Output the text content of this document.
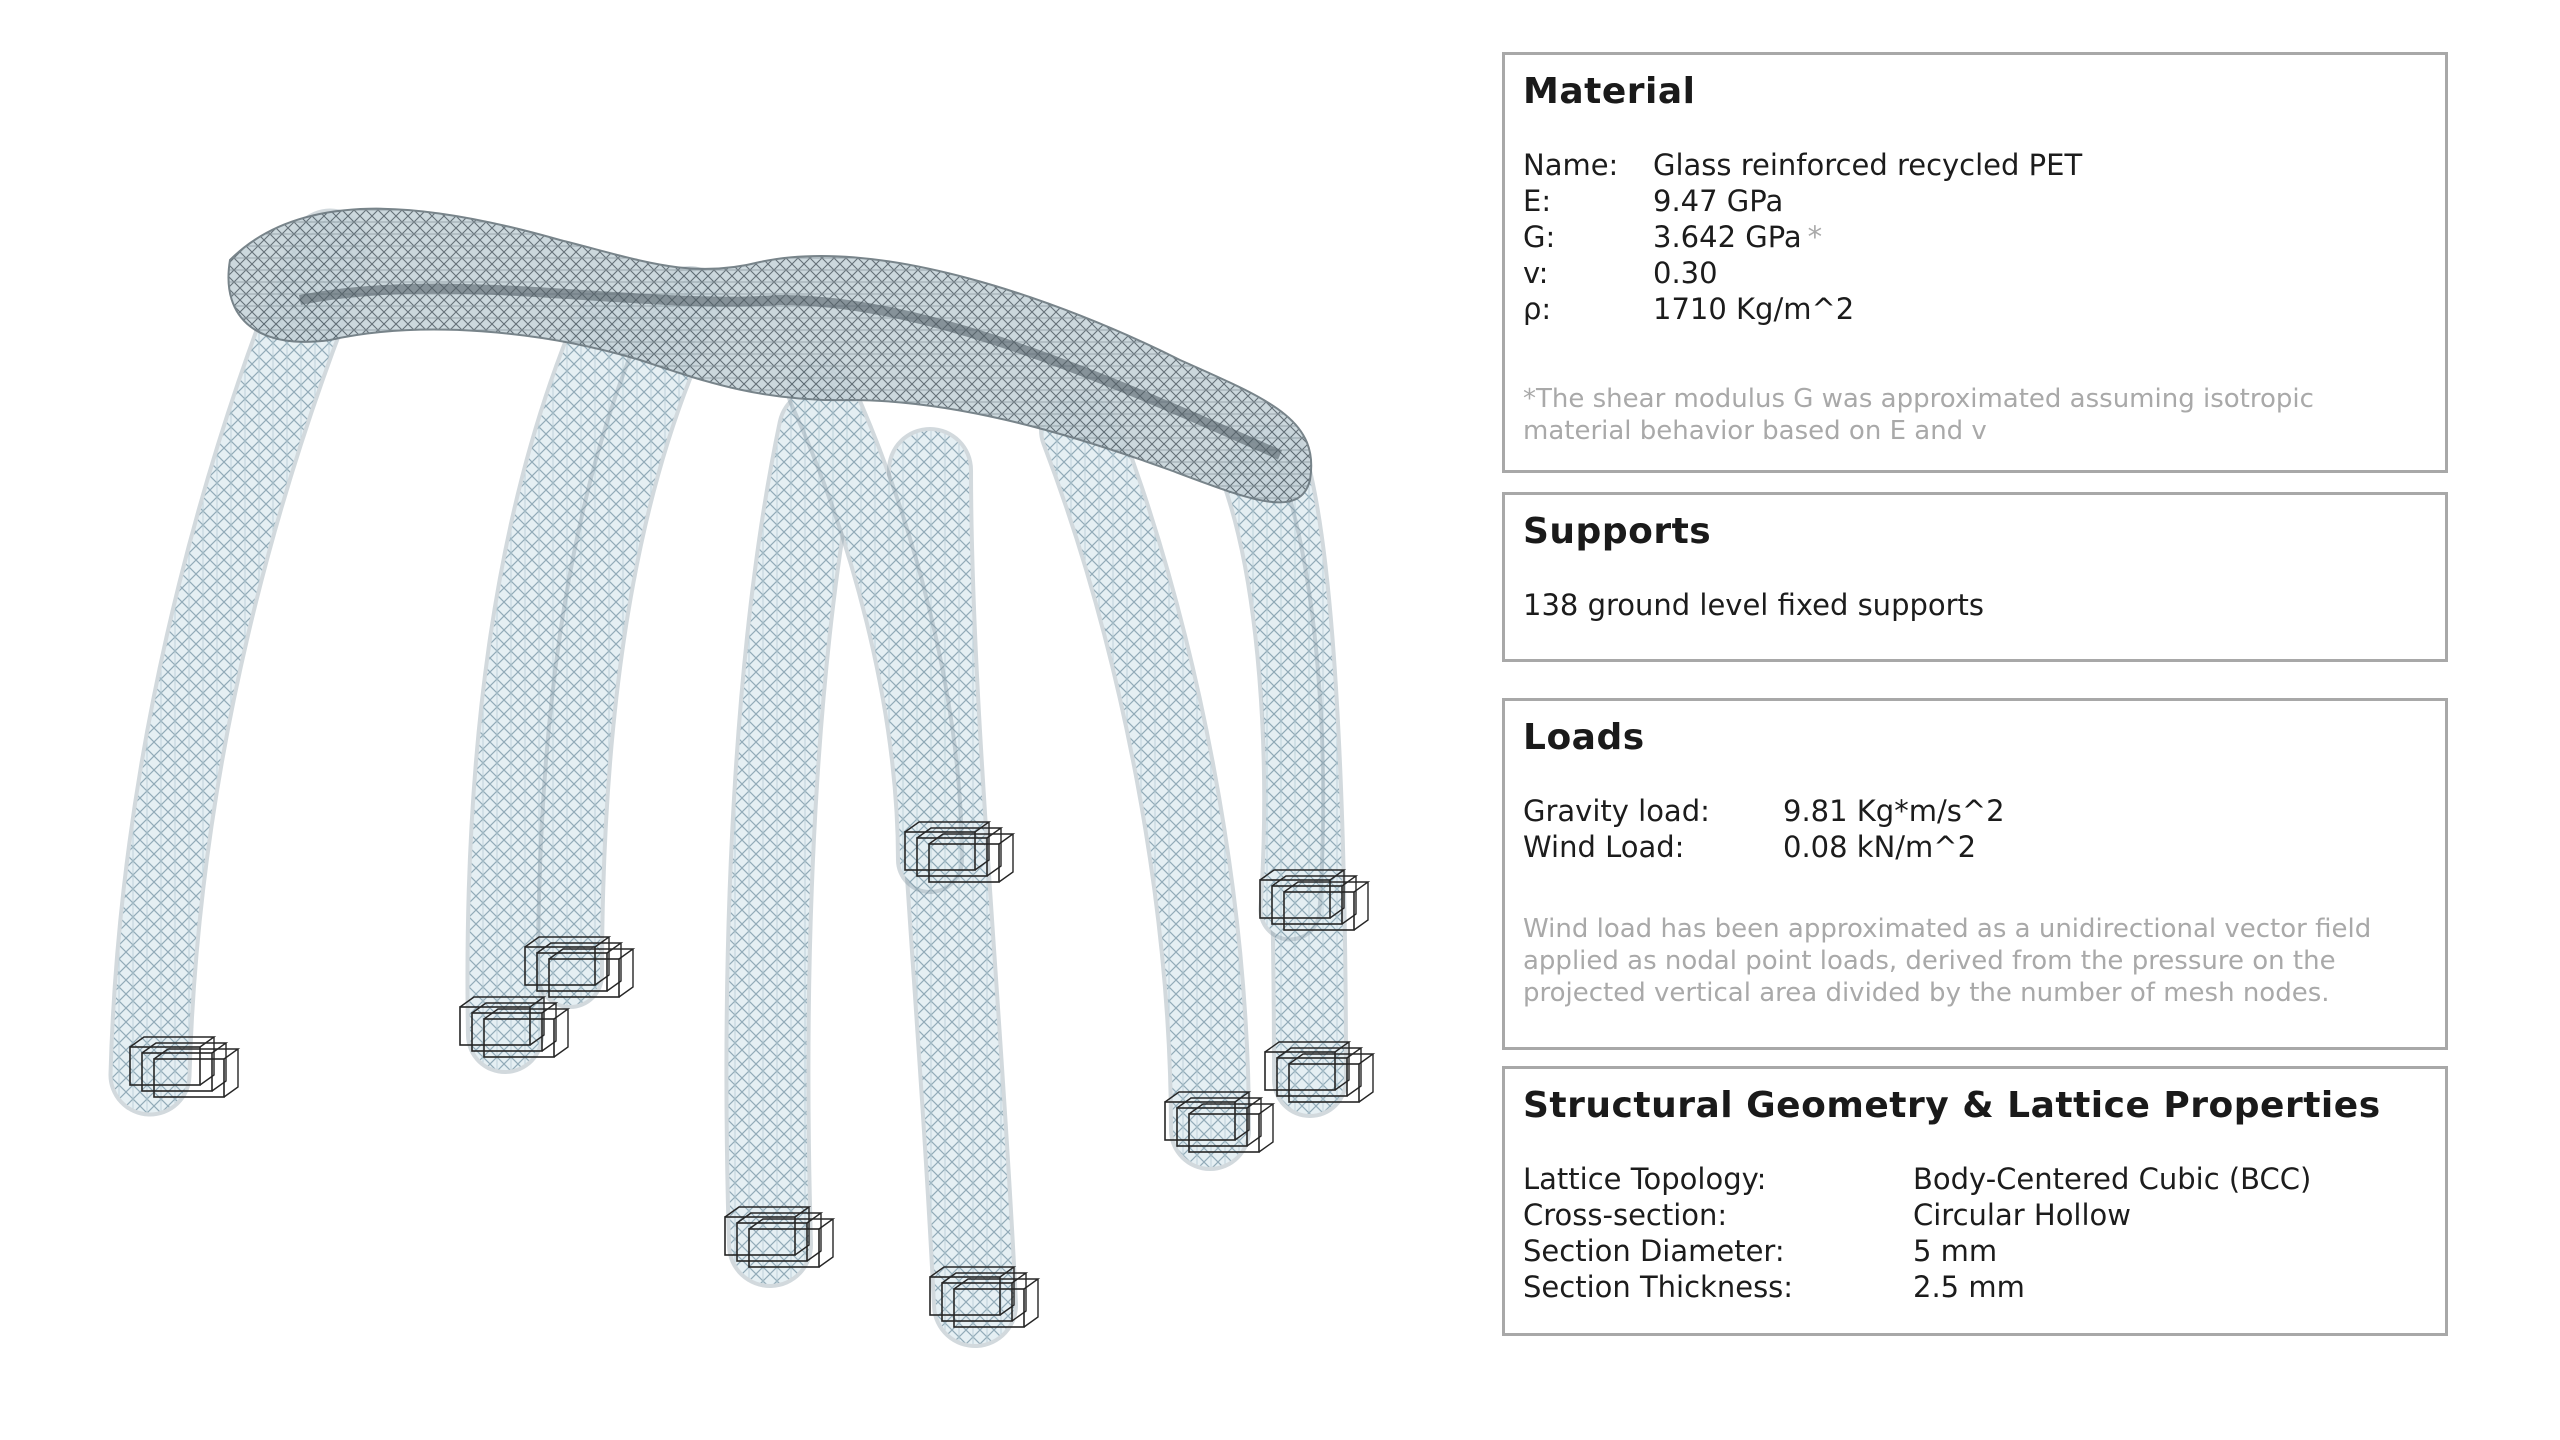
Material
Name:	Glass reinforced recycled PET
E:	9.47 GPa
G:	3.642 GPa *
v:	0.30
ρ:	1710 Kg/m^2
*The shear modulus G was approximated assuming isotropic material behavior based on E and v
Supports
138 ground level fixed supports
Loads
Gravity load:	9.81 Kg*m/s^2
Wind Load:	0.08 kN/m^2
Wind load has been approximated as a unidirectional vector field applied as nodal point loads, derived from the pressure on the projected vertical area divided by the number of mesh nodes.
Structural Geometry & Lattice Properties
Lattice Topology:	Body-Centered Cubic (BCC)
Cross-section:	Circular Hollow
Section Diameter:	5 mm
Section Thickness:	2.5 mm
